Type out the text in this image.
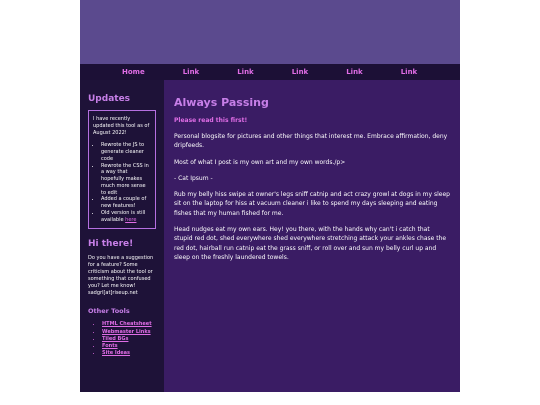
Home	Link	Link	Link	Link	Link
Updates

I have recently updated this tool as of August 2022!

• Rewrote the JS to generate cleaner code
• Rewrote the CSS in a way that hopefully makes much more sense to edit
• Added a couple of new features!
• Old version is still available here
Hi there!
Do you have a suggestion for a feature? Some criticism about the tool or something that confused you? Let me know! sadgrl[at]riseup.net
Other Tools
• HTML Cheatsheet
• Webmaster Links
• Tiled BGs
• Fonts
• Site Ideas
Always Passing
Please read this first!

Personal blogsite for pictures and other things that interest me. Embrace affirmation, deny dripfeeds.

Most of what I post is my own art and my own words./p>

- Cat Ipsum -

Rub my belly hiss swipe at owner's legs sniff catnip and act crazy growl at dogs in my sleep sit on the laptop for hiss at vacuum cleaner i like to spend my days sleeping and eating fishes that my human fished for me.

Head nudges eat my own ears. Hey! you there, with the hands why can't i catch that stupid red dot, shed everywhere shed everywhere stretching attack your ankles chase the red dot, hairball run catnip eat the grass sniff, or roll over and sun my belly curl up and sleep on the freshly laundered towels.
